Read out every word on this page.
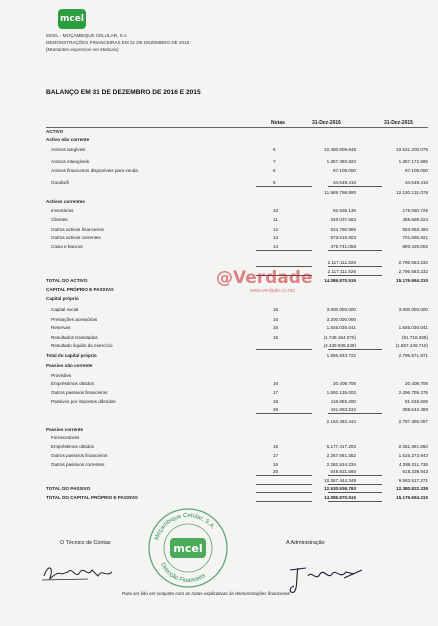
mcel
MCEL - MOÇAMBIQUE CELULAR, S.A
DEMONSTRAÇÕES FINANCEIRAS EM 31 DE DEZEMBRO DE 2016
(Montantes expressos em Meticais)
BALANÇO EM 31 DE DEZEMBRO DE 2016 E 2015
Notas	31-Dez-2016	31-Dez-2015
ACTIVO
Activo não corrente
Activos tangíveis	6	10.480.809.648	10.531.200.075
Activos intangíveis	7	1.357.390.823	1.357.172.585
Activos financeiros disponíveis para venda	8	97.109.000	97.109.000
Goodwill	9	34.649.418	34.649.418
11.969.758.890	12.120.131.078
Activos correntes
Inventários	10	92.535.146	175.060.725
Clientes	11	340.037.563	485.569.224
Outros activos financeiros	12	534.760.965	553.963.460
Outros activos correntes	13	673.516.903	701.580.821
Caixa e bancos	14	475.741.058	880.429.002
2.117.111.626	2.796.563.232
2.117.111.626	2.796.563.232
TOTAL DO ACTIVO	14.086.870.515	15.176.694.310
CAPITAL PRÓPRIO E PASSIVO
Capital próprio
Capital social	15	3.000.000.000	3.000.000.000
Prestações acessórias	15	3.200.000.000
Reservas	16	1.545.036.041	1.545.036.041
Resultados transitados	15	(1.749.164.070)	(91.718.365)
Resultado líquido do exercício	(4.439.938.249)	(1.657.449.710)
Total do capital próprio	1.555.933.722	2.795.871.971
Passivo não corrente
Provisões
Empréstimos obtidos	16	20.408.709	20.408.709
Outros passivos financeiros	17	1.592.135.003	2.296.705.275
Passivos por impostos diferidos	18	118.955.200	81.648.606
28	431.993.532	398.542.388
2.163.492.444	2.797.305.067
Passivo corrente
Fornecedores
Empréstimos obtidos	19	5.177.417.203	2.061.991.650
Outros passivos financeiros	17	2.257.681.352	1.515.273.943
Outros passivos correntes	18	2.282.534.234	4.388.011.736
20	649.831.560	618.339.943
10.367.444.349	9.583.517.271
TOTAL DO PASSIVO	12.530.936.793	12.380.822.339
TOTAL DO CAPITAL PRÓPRIO E PASSIVO	14.086.870.515	15.176.694.310
@Verdade
www.verdade.co.mz
mcel
Moçambique Celular, S.A.
Direcção Financeira
O Técnico de Contas	A Administração
Para ser lido em conjunto com as notas explicativas às demonstrações financeiras
